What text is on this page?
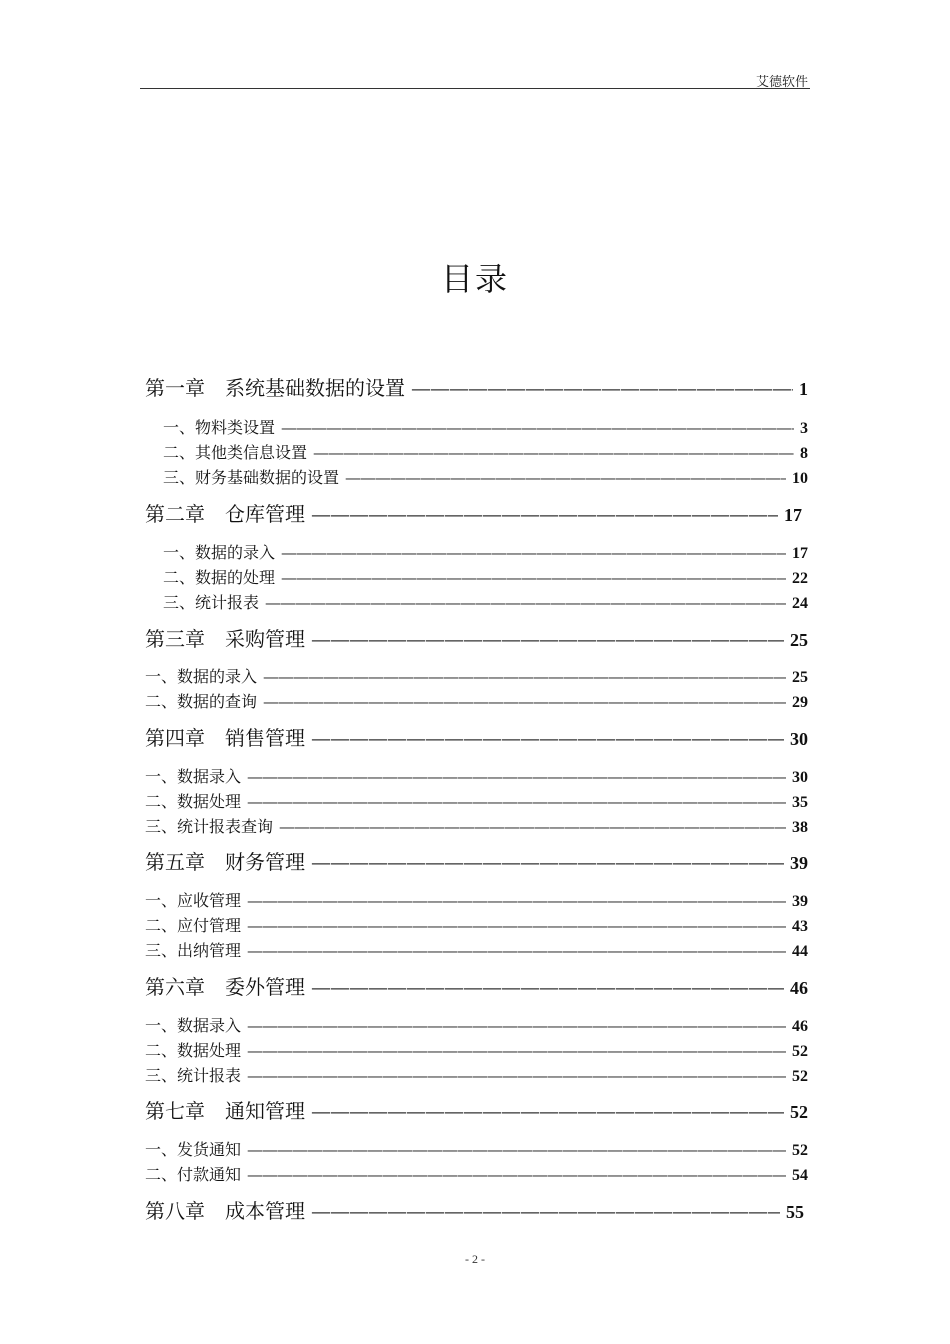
艾德软件
目录
第一章　系统基础数据的设置 —————	1
一、物料类设置 —————	3
二、其他类信息设置 —————	8
三、财务基础数据的设置 —————	10
第二章　仓库管理 —————	17
一、数据的录入 —————	17
二、数据的处理 —————	22
三、统计报表 —————	24
第三章　采购管理 —————	25
一、数据的录入 —————	25
二、数据的查询 —————	29
第四章　销售管理 —————	30
一、数据录入 —————	30
二、数据处理 —————	35
三、统计报表查询 —————	38
第五章　财务管理 —————	39
一、应收管理 —————	39
二、应付管理 —————	43
三、出纳管理 —————	44
第六章　委外管理 —————	46
一、数据录入 —————	46
二、数据处理 —————	52
三、统计报表 —————	52
第七章　通知管理 —————	52
一、发货通知 —————	52
二、付款通知 —————	54
第八章　成本管理 —————	55
- 2 -
